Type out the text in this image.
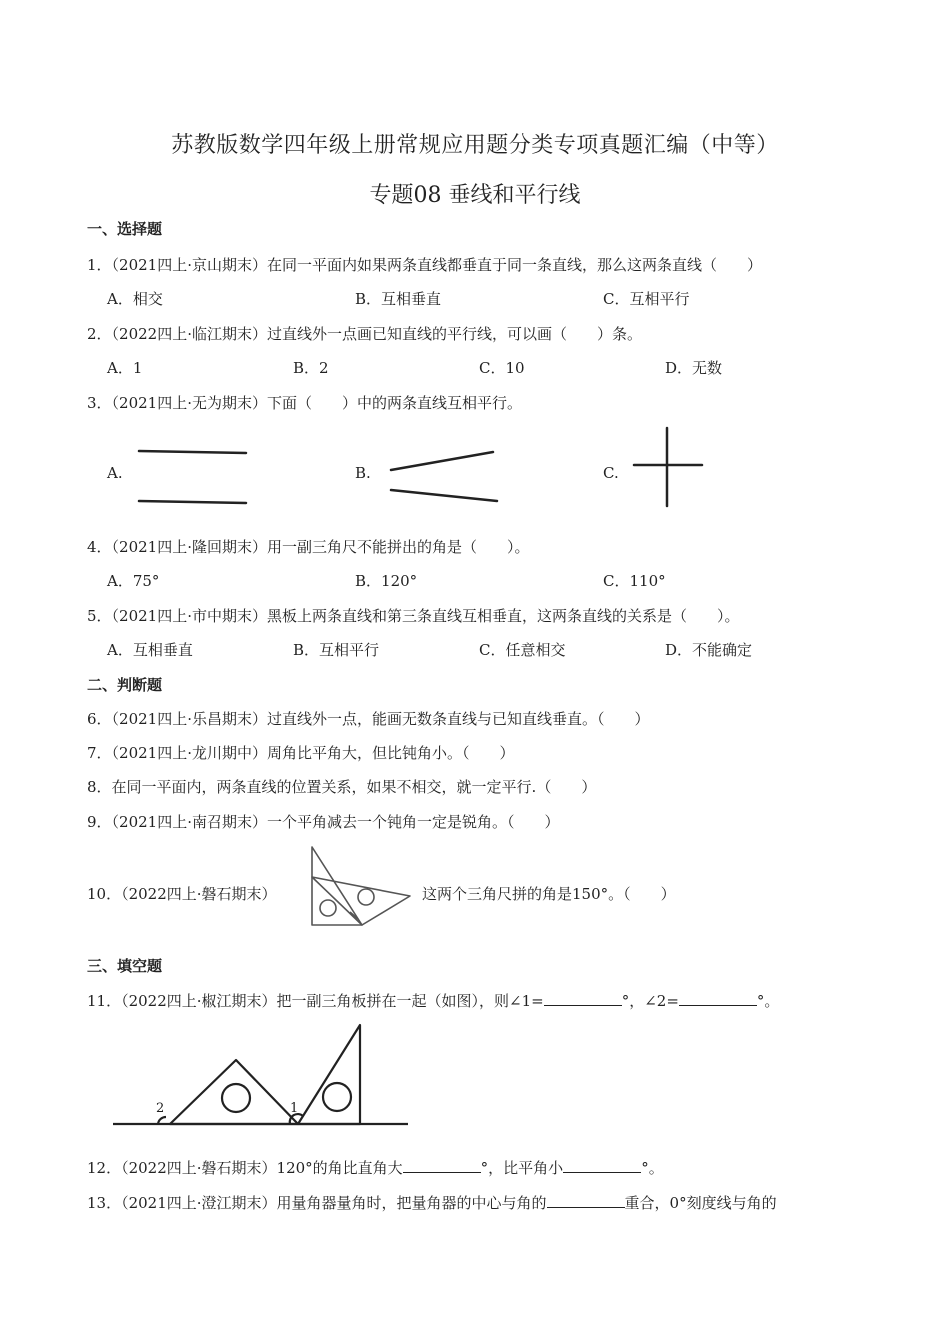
苏教版数学四年级上册常规应用题分类专项真题汇编（中等）
专题08 垂线和平行线
一、选择题
1．（2021四上·京山期末）在同一平面内如果两条直线都垂直于同一条直线，那么这两条直线（　　）
A．相交	B．互相垂直	C．互相平行
2．（2022四上·临江期末）过直线外一点画已知直线的平行线，可以画（　　）条。
A．1	B．2	C．10	D．无数
3．（2021四上·无为期末）下面（　　）中的两条直线互相平行。
A.	B.	C.
4．（2021四上·隆回期末）用一副三角尺不能拼出的角是（　　）。
A．75°	B．120°	C．110°
5．（2021四上·市中期末）黑板上两条直线和第三条直线互相垂直，这两条直线的关系是（　　）。
A．互相垂直	B．互相平行	C．任意相交	D．不能确定
二、判断题
6．（2021四上·乐昌期末）过直线外一点，能画无数条直线与已知直线垂直。（　　）
7．（2021四上·龙川期中）周角比平角大，但比钝角小。（　　）
8．在同一平面内，两条直线的位置关系，如果不相交，就一定平行.（　　）
9．（2021四上·南召期末）一个平角减去一个钝角一定是锐角。（　　）
10．（2022四上·磐石期末）	这两个三角尺拼的角是150°。（　　）
三、填空题
11．（2022四上·椒江期末）把一副三角板拼在一起（如图），则∠1=	°，∠2=	°。
2	1
12．（2022四上·磐石期末）120°的角比直角大	°，比平角小	°。
13．（2021四上·澄江期末）用量角器量角时，把量角器的中心与角的	重合，0°刻度线与角的
